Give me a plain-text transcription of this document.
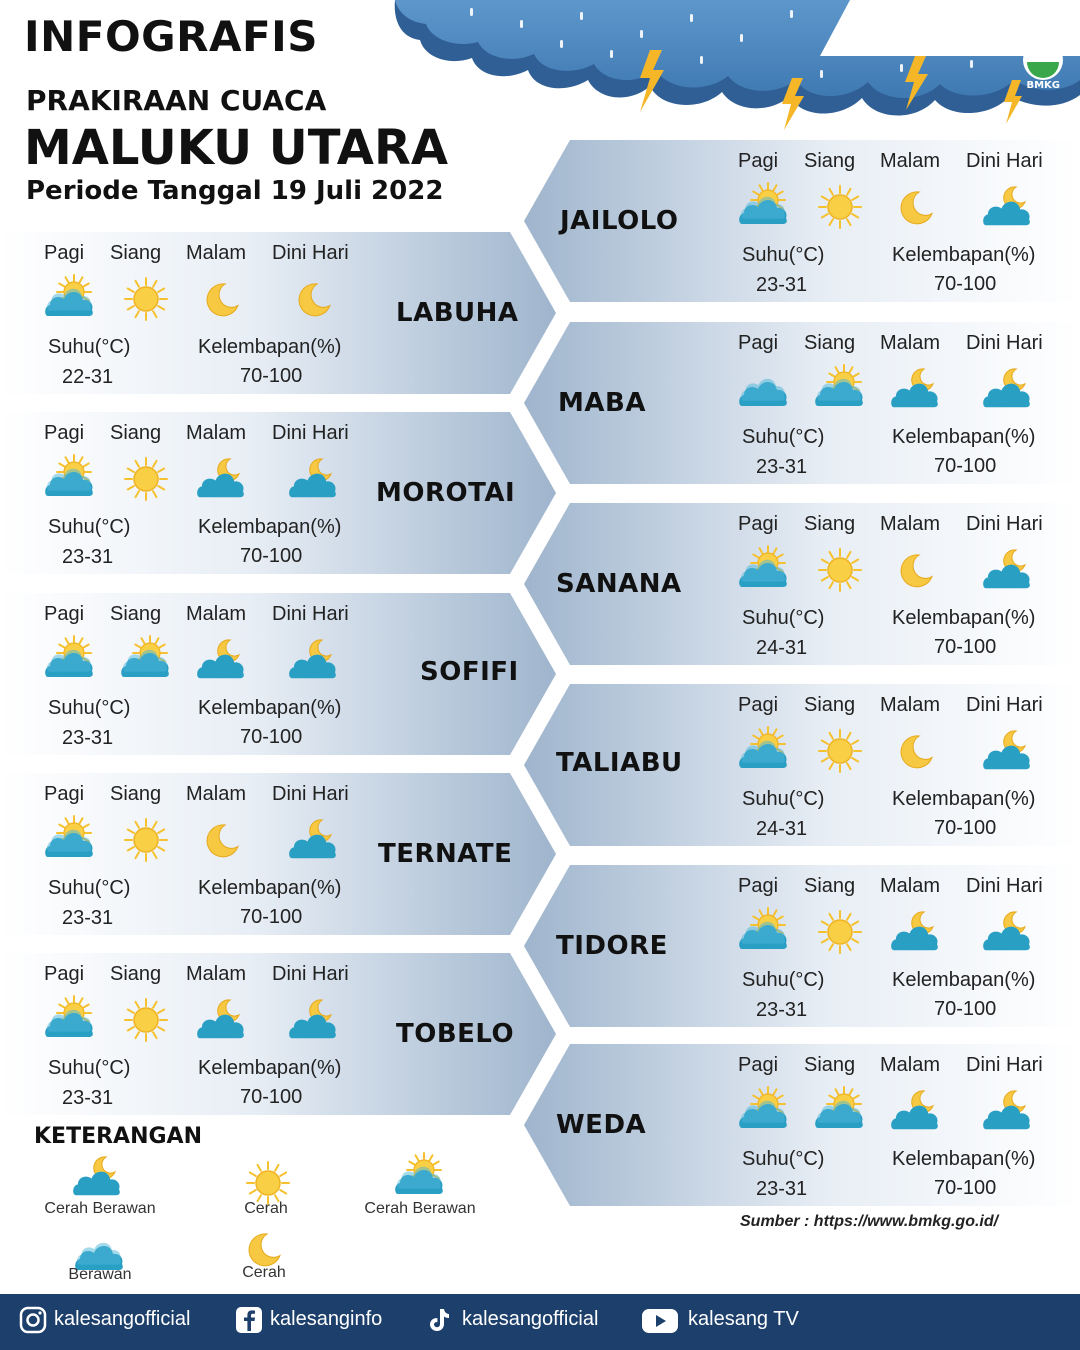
BMKG
INFOGRAFIS
PRAKIRAAN CUACA
MALUKU UTARA
Periode Tanggal 19 Juli 2022
LABUHA
Pagi Siang Malam Dini Hari
Suhu(°C)
22-31
Kelembapan(%)
70-100
MOROTAI
Pagi Siang Malam Dini Hari
Suhu(°C)
23-31
Kelembapan(%)
70-100
SOFIFI
Pagi Siang Malam Dini Hari
Suhu(°C)
23-31
Kelembapan(%)
70-100
TERNATE
Pagi Siang Malam Dini Hari
Suhu(°C)
23-31
Kelembapan(%)
70-100
TOBELO
Pagi Siang Malam Dini Hari
Suhu(°C)
23-31
Kelembapan(%)
70-100
JAILOLO
Pagi Siang Malam Dini Hari
Suhu(°C)
23-31
Kelembapan(%)
70-100
MABA
Pagi Siang Malam Dini Hari
Suhu(°C)
23-31
Kelembapan(%)
70-100
SANANA
Pagi Siang Malam Dini Hari
Suhu(°C)
24-31
Kelembapan(%)
70-100
TALIABU
Pagi Siang Malam Dini Hari
Suhu(°C)
24-31
Kelembapan(%)
70-100
TIDORE
Pagi Siang Malam Dini Hari
Suhu(°C)
23-31
Kelembapan(%)
70-100
WEDA
Pagi Siang Malam Dini Hari
Suhu(°C)
23-31
Kelembapan(%)
70-100
KETERANGAN
Cerah Berawan	Cerah	Cerah Berawan
Berawan	Cerah
Sumber : https://www.bmkg.go.id/
kalesangofficial	kalesanginfo	kalesangofficial	kalesang TV www.kalesang.id
